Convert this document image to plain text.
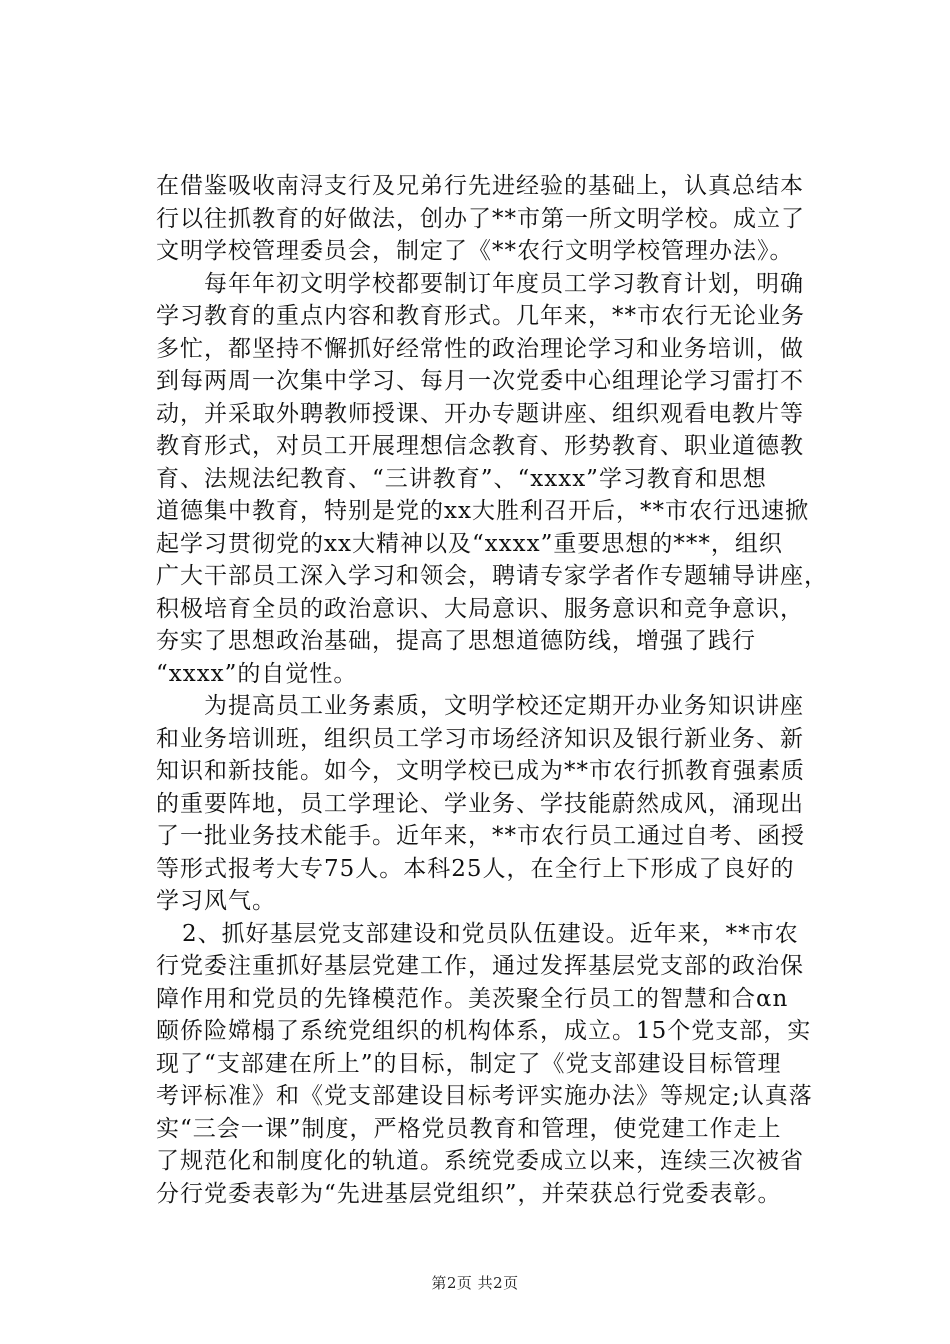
在借鉴吸收南浔支行及兄弟行先进经验的基础上，认真总结本
行以往抓教育的好做法，创办了**市第一所文明学校。成立了
文明学校管理委员会，制定了《**农行文明学校管理办法》。
每年年初文明学校都要制订年度员工学习教育计划，明确
学习教育的重点内容和教育形式。几年来，**市农行无论业务
多忙，都坚持不懈抓好经常性的政治理论学习和业务培训，做
到每两周一次集中学习、每月一次党委中心组理论学习雷打不
动，并采取外聘教师授课、开办专题讲座、组织观看电教片等
教育形式，对员工开展理想信念教育、形势教育、职业道德教
育、法规法纪教育、“三讲教育”、“xxxx”学习教育和思想
道德集中教育，特别是党的xx大胜利召开后，**市农行迅速掀
起学习贯彻党的xx大精神以及“xxxx”重要思想的***，组织
广大干部员工深入学习和领会，聘请专家学者作专题辅导讲座，
积极培育全员的政治意识、大局意识、服务意识和竞争意识，
夯实了思想政治基础，提高了思想道德防线，增强了践行
“xxxx”的自觉性。
为提高员工业务素质，文明学校还定期开办业务知识讲座
和业务培训班，组织员工学习市场经济知识及银行新业务、新
知识和新技能。如今，文明学校已成为**市农行抓教育强素质
的重要阵地，员工学理论、学业务、学技能蔚然成风，涌现出
了一批业务技术能手。近年来，**市农行员工通过自考、函授
等形式报考大专75人。本科25人，在全行上下形成了良好的
学习风气。
2、抓好基层党支部建设和党员队伍建设。近年来，**市农
行党委注重抓好基层党建工作，通过发挥基层党支部的政治保
障作用和党员的先锋模范作。美茨聚全行员工的智慧和合αn
颐侨险嫦榻了系统党组织的机构体系，成立。15个党支部，实
现了“支部建在所上”的目标，制定了《党支部建设目标管理
考评标准》和《党支部建设目标考评实施办法》等规定;认真落
实“三会一课”制度，严格党员教育和管理，使党建工作走上
了规范化和制度化的轨道。系统党委成立以来，连续三次被省
分行党委表彰为“先进基层党组织”，并荣获总行党委表彰。
第2页 共2页
